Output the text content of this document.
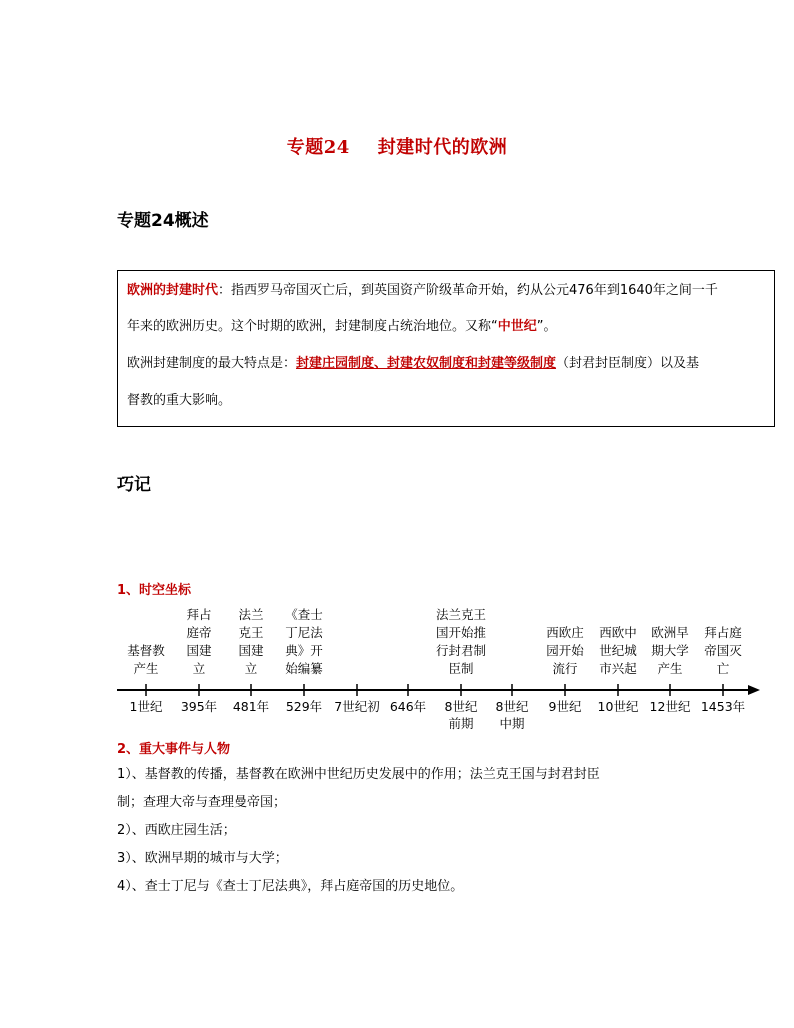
专题24 封建时代的欧洲
专题24概述

欧洲的封建时代：指西罗马帝国灭亡后，到英国资产阶级革命开始，约从公元476年到1640年之间一千

年来的欧洲历史。这个时期的欧洲，封建制度占统治地位。又称“中世纪”。

欧洲封建制度的最大特点是：封建庄园制度、封建农奴制度和封建等级制度（封君封臣制度）以及基

督教的重大影响。

巧记
1、时空坐标
基督教
产生
1世纪
拜占
庭帝
国建
立
395年
法兰
克王
国建
立
481年
《查士
丁尼法
典》开
始编纂
529年 7世纪初 646年
法兰克王
国开始推
行封君制
臣制
8世纪
前期
8世纪
中期
西欧庄
园开始
流行
9世纪
西欧中
世纪城
市兴起
10世纪
欧洲早
期大学
产生
12世纪
拜占庭
帝国灭
亡
1453年
2、重大事件与人物
1）、基督教的传播，基督教在欧洲中世纪历史发展中的作用；法兰克王国与封君封臣
制；查理大帝与查理曼帝国；
2）、西欧庄园生活；
3）、欧洲早期的城市与大学；
4）、查士丁尼与《查士丁尼法典》，拜占庭帝国的历史地位。
